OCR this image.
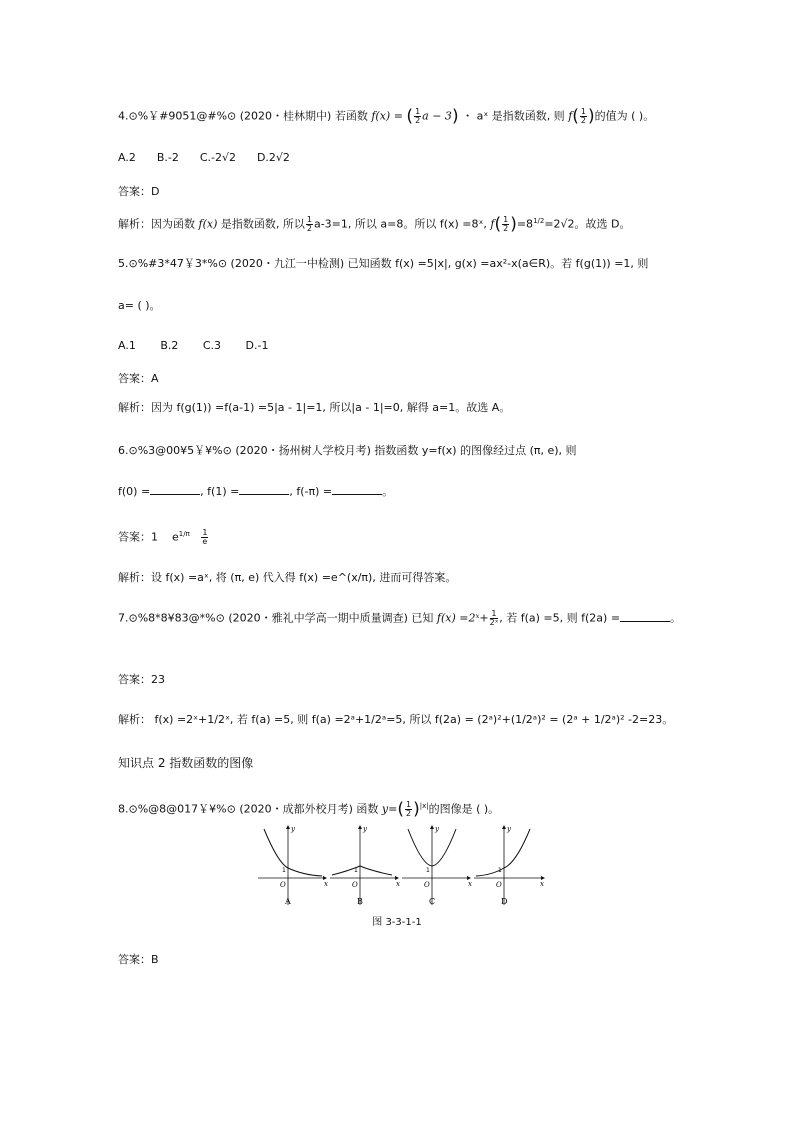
4.⊙%￥#9051@#%⊙ (2020・桂林期中) 若函数 f(x) = ( $\frac{1}{2}$ a − 3) ・ aˣ 是指数函数, 则 $f( \frac{1}{2}$ )的值为 ( )。
A.2 B.-2 C.-2√2 D.2√2
答案：D
解析：因为函数 f(x) 是指数函数, 所以 $\frac{1}{2} a-3=1$, 所以 a=8。所以 f(x) =8ˣ, $f( \frac{1}{2} )=8^{1/2}=2√2$。故选 D。
5.⊙%#3*47￥3*%⊙ (2020・九江一中检测) 已知函数 f(x) =5|x|, g(x) =ax²-x(a∈R)。若 f(g(1)) =1, 则
a= ( )。
A.1 B.2 C.3 D.-1
答案：A
解析：因为 f(g(1)) =f(a-1) =5|a - 1|=1, 所以|a - 1|=0, 解得 a=1。故选 A。
6.⊙%3@00¥5￥¥%⊙ (2020・扬州树人学校月考) 指数函数 y=f(x) 的图像经过点 (π, e), 则
f(0) =	, f(1) =	, f(-π) =	。
答案：1 $e^{1/\pi} \frac{1}{e}$
解析：设 f(x) =aˣ, 将 (π, e) 代入得 f(x) =e^(x/π), 进而可得答案。
7.⊙%8*8¥83@*%⊙ (2020・雅礼中学高一期中质量调查) 已知 f(x) =2ˣ+ $\frac{1}{\text{2ˣ}}$ , 若 f(a) =5, 则 f(2a) =	。
答案：23
解析： f(x) =2ˣ+1/2ˣ, 若 f(a) =5, 则 f(a) =2ᵃ+1/2ᵃ=5, 所以 f(2a) = (2ᵃ)²+(1/2ᵃ)² = (2ᵃ + 1/2ᵃ)² -2=23。
知识点 2 指数函数的图像
8.⊙%@8@017￥¥%⊙ (2020・成都外校月考) 函数 $y=( \frac{1}{2} )^{|x|}$的图像是 ( )。
y
x
O
1
A
y
x
O
1
B
y
x
O
1
C
y
x
O
1
D
图 3-3-1-1
答案：B
